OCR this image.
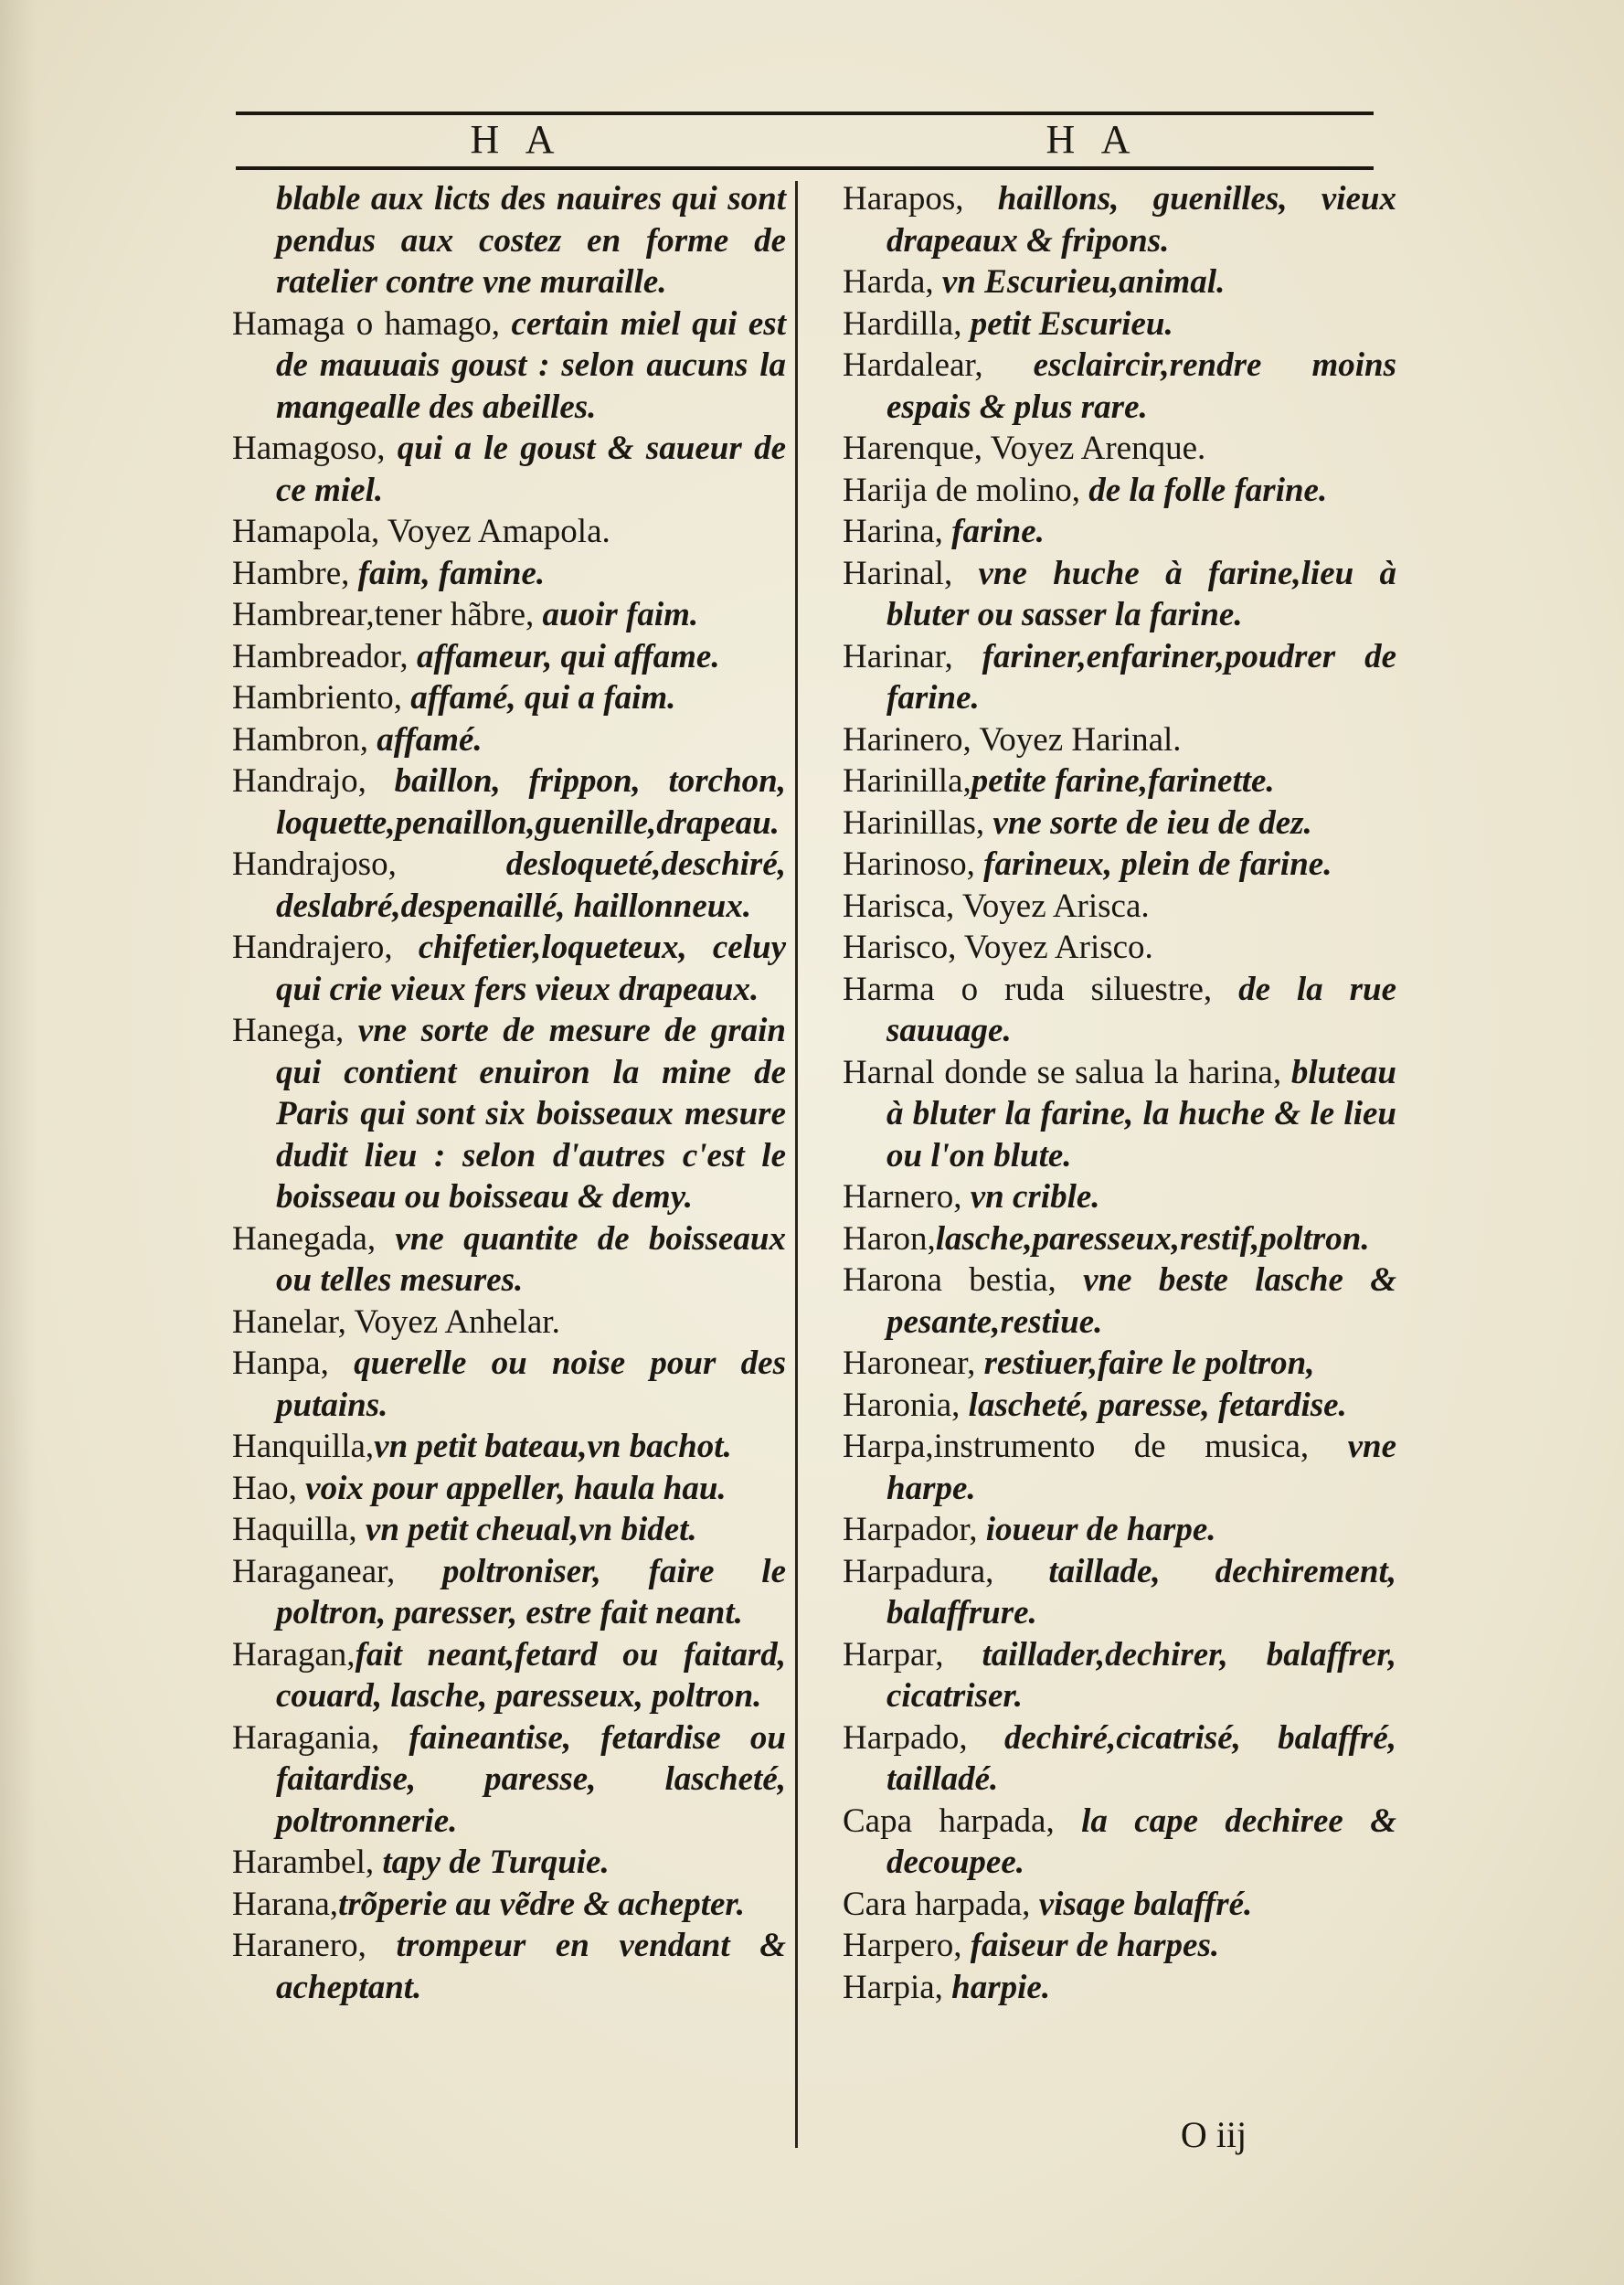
H A	H A

blable aux licts des nauires qui sont pendus aux costez en forme de ratelier contre vne muraille.

Hamaga o hamago, certain miel qui est de mauuais goust : selon aucuns la mangealle des abeilles.

Hamagoso, qui a le goust & saueur de ce miel.

Hamapola, Voyez Amapola.

Hambre, faim, famine.

Hambrear,tener hãbre, auoir faim.

Hambreador, affameur, qui affame.

Hambriento, affamé, qui a faim.

Hambron, affamé.

Handrajo, baillon, frippon, torchon, loquette,penaillon,guenille,drapeau.

Handrajoso, desloqueté,deschiré, deslabré,despenaillé, haillonneux.

Handrajero, chifetier,loqueteux, celuy qui crie vieux fers vieux drapeaux.

Hanega, vne sorte de mesure de grain qui contient enuiron la mine de Paris qui sont six boisseaux mesure dudit lieu : selon d'autres c'est le boisseau ou boisseau & demy.

Hanegada, vne quantite de boisseaux ou telles mesures.

Hanelar, Voyez Anhelar.

Hanpa, querelle ou noise pour des putains.

Hanquilla,vn petit bateau,vn bachot.

Hao, voix pour appeller, haula hau.

Haquilla, vn petit cheual,vn bidet.

Haraganear, poltroniser, faire le poltron, paresser, estre fait neant.

Haragan,fait neant,fetard ou faitard, couard, lasche, paresseux, poltron.

Haragania, faineantise, fetardise ou faitardise, paresse, lascheté, poltronnerie.

Harambel, tapy de Turquie.

Harana,trõperie au vẽdre & achepter.

Haranero, trompeur en vendant & acheptant.

Harapos, haillons, guenilles, vieux drapeaux & fripons.

Harda, vn Escurieu,animal.

Hardilla, petit Escurieu.

Hardalear, esclaircir,rendre moins espais & plus rare.

Harenque, Voyez Arenque.

Harija de molino, de la folle farine.

Harina, farine.

Harinal, vne huche à farine,lieu à bluter ou sasser la farine.

Harinar, fariner,enfariner,poudrer de farine.

Harinero, Voyez Harinal.

Harinilla,petite farine,farinette.

Harinillas, vne sorte de ieu de dez.

Harinoso, farineux, plein de farine.

Harisca, Voyez Arisca.

Harisco, Voyez Arisco.

Harma o ruda siluestre, de la rue sauuage.

Harnal donde se salua la harina, bluteau à bluter la farine, la huche & le lieu ou l'on blute.

Harnero, vn crible.

Haron,lasche,paresseux,restif,poltron.

Harona bestia, vne beste lasche & pesante,restiue.

Haronear, restiuer,faire le poltron,

Haronia, lascheté, paresse, fetardise.

Harpa,instrumento de musica, vne harpe.

Harpador, ioueur de harpe.

Harpadura, taillade, dechirement, balaffrure.

Harpar, taillader,dechirer, balaffrer, cicatriser.

Harpado, dechiré,cicatrisé, balaffré, tailladé.

Capa harpada, la cape dechiree & decoupee.

Cara harpada, visage balaffré.

Harpero, faiseur de harpes.

Harpia, harpie.

O iij
